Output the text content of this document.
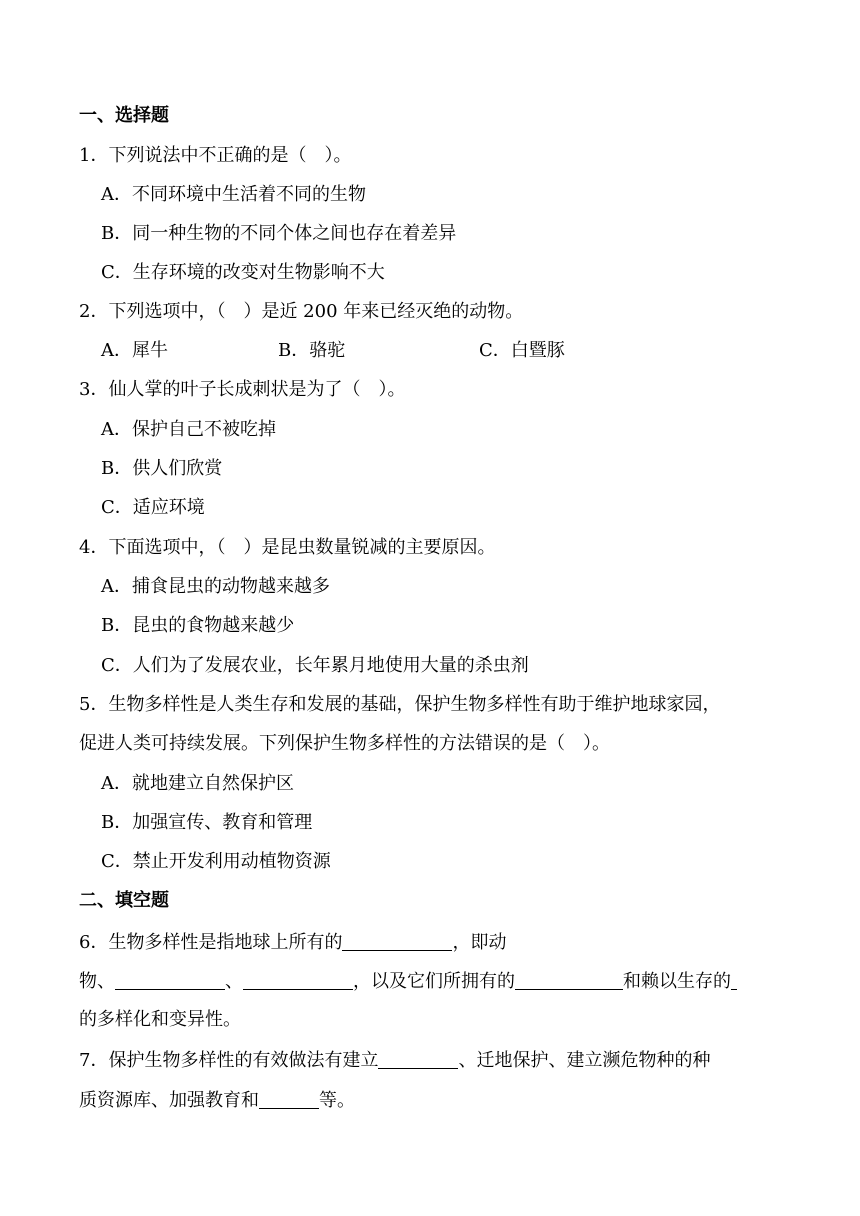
一、选择题
1．下列说法中不正确的是（　）。
A．不同环境中生活着不同的生物
B．同一种生物的不同个体之间也存在着差异
C．生存环境的改变对生物影响不大
2．下列选项中，（　）是近 200 年来已经灭绝的动物。
A．犀牛	B．骆驼	C．白暨豚
3．仙人掌的叶子长成刺状是为了（　）。
A．保护自己不被吃掉
B．供人们欣赏
C．适应环境
4．下面选项中，（　）是昆虫数量锐减的主要原因。
A．捕食昆虫的动物越来越多
B．昆虫的食物越来越少
C．人们为了发展农业，长年累月地使用大量的杀虫剂
5．生物多样性是人类生存和发展的基础，保护生物多样性有助于维护地球家园，
促进人类可持续发展。下列保护生物多样性的方法错误的是（　）。
A．就地建立自然保护区
B．加强宣传、教育和管理
C．禁止开发利用动植物资源
二、填空题
6．生物多样性是指地球上所有的	，即动
物、	、	，以及它们所拥有的	和赖以生存的
的多样化和变异性。
7．保护生物多样性的有效做法有建立	、迁地保护、建立濒危物种的种
质资源库、加强教育和	等。
